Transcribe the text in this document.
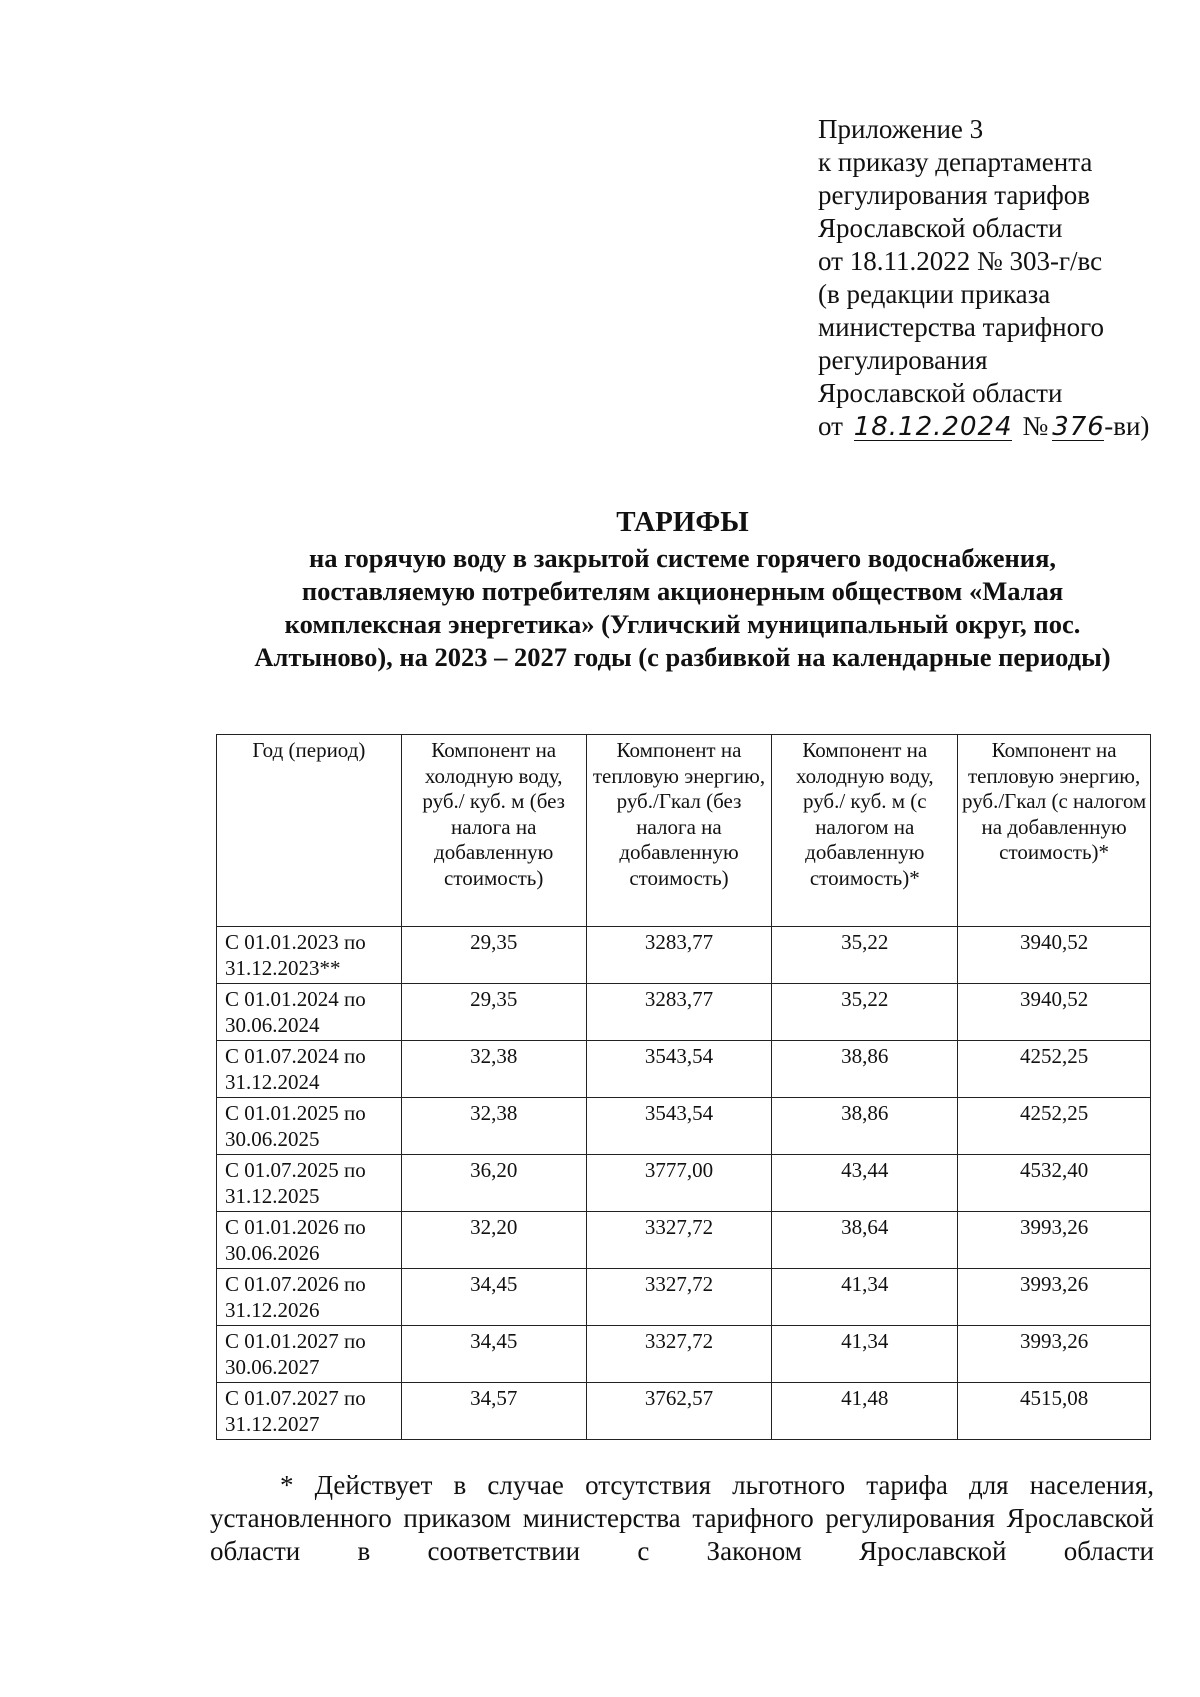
Приложение 3
к приказу департамента
регулирования тарифов
Ярославской области
от 18.11.2022 № 303-г/вс
(в редакции приказа
министерства тарифного
регулирования
Ярославской области
от 18.12.2024 № 376-ви)
ТАРИФЫ
на горячую воду в закрытой системе горячего водоснабжения, поставляемую потребителям акционерным обществом «Малая комплексная энергетика» (Угличский муниципальный округ, пос. Алтыново), на 2023 – 2027 годы (с разбивкой на календарные периоды)
Год (период)	Компонент на холодную воду, руб./ куб. м (без налога на добавленную стоимость)	Компонент на тепловую энергию, руб./Гкал (без налога на добавленную стоимость)	Компонент на холодную воду, руб./ куб. м (с налогом на добавленную стоимость)*	Компонент на тепловую энергию, руб./Гкал (с налогом на добавленную стоимость)*
С 01.01.2023 по 31.12.2023**	29,35	3283,77	35,22	3940,52
С 01.01.2024 по 30.06.2024	29,35	3283,77	35,22	3940,52
С 01.07.2024 по 31.12.2024	32,38	3543,54	38,86	4252,25
С 01.01.2025 по 30.06.2025	32,38	3543,54	38,86	4252,25
С 01.07.2025 по 31.12.2025	36,20	3777,00	43,44	4532,40
С 01.01.2026 по 30.06.2026	32,20	3327,72	38,64	3993,26
С 01.07.2026 по 31.12.2026	34,45	3327,72	41,34	3993,26
С 01.01.2027 по 30.06.2027	34,45	3327,72	41,34	3993,26
С 01.07.2027 по 31.12.2027	34,57	3762,57	41,48	4515,08

* Действует в случае отсутствия льготного тарифа для населения, установленного приказом министерства тарифного регулирования Ярославской области в соответствии с Законом Ярославской области
